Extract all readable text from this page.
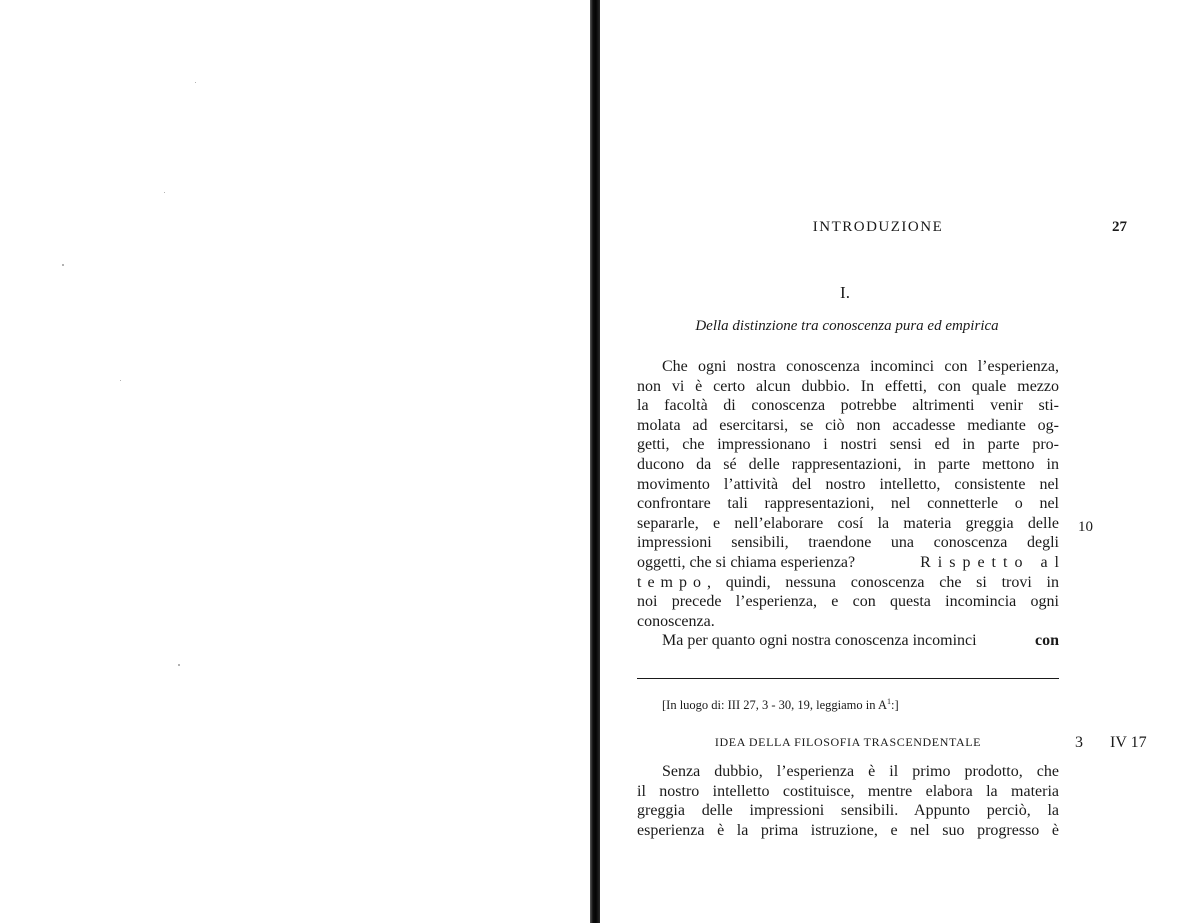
INTRODUZIONE	27
I.
Della distinzione tra conoscenza pura ed empirica
Che ogni nostra conoscenza incominci con l’esperienza,
non vi è certo alcun dubbio. In effetti, con quale mezzo
la facoltà di conoscenza potrebbe altrimenti venir sti-
molata ad esercitarsi, se ciò non accadesse mediante og-
getti, che impressionano i nostri sensi ed in parte pro-
ducono da sé delle rappresentazioni, in parte mettono in
movimento l’attività del nostro intelletto, consistente nel
confrontare tali rappresentazioni, nel connetterle o nel
separarle, e nell’elaborare cosí la materia greggia delle
impressioni sensibili, traendone una conoscenza degli
oggetti, che si chiama esperienza?	Rispetto al
tempo , quindi, nessuna conoscenza che si trovi in
noi precede l’esperienza, e con questa incomincia ogni
conoscenza.
Ma per quanto ogni nostra conoscenza incominci	con
10
[In luogo di: III 27, 3 - 30, 19, leggiamo in $A^1$:]
IDEA DELLA FILOSOFIA TRASCENDENTALE	3 IV 17
Senza dubbio, l’esperienza è il primo prodotto, che
il nostro intelletto costituisce, mentre elabora la materia
greggia delle impressioni sensibili. Appunto perciò, la
esperienza è la prima istruzione, e nel suo progresso è
